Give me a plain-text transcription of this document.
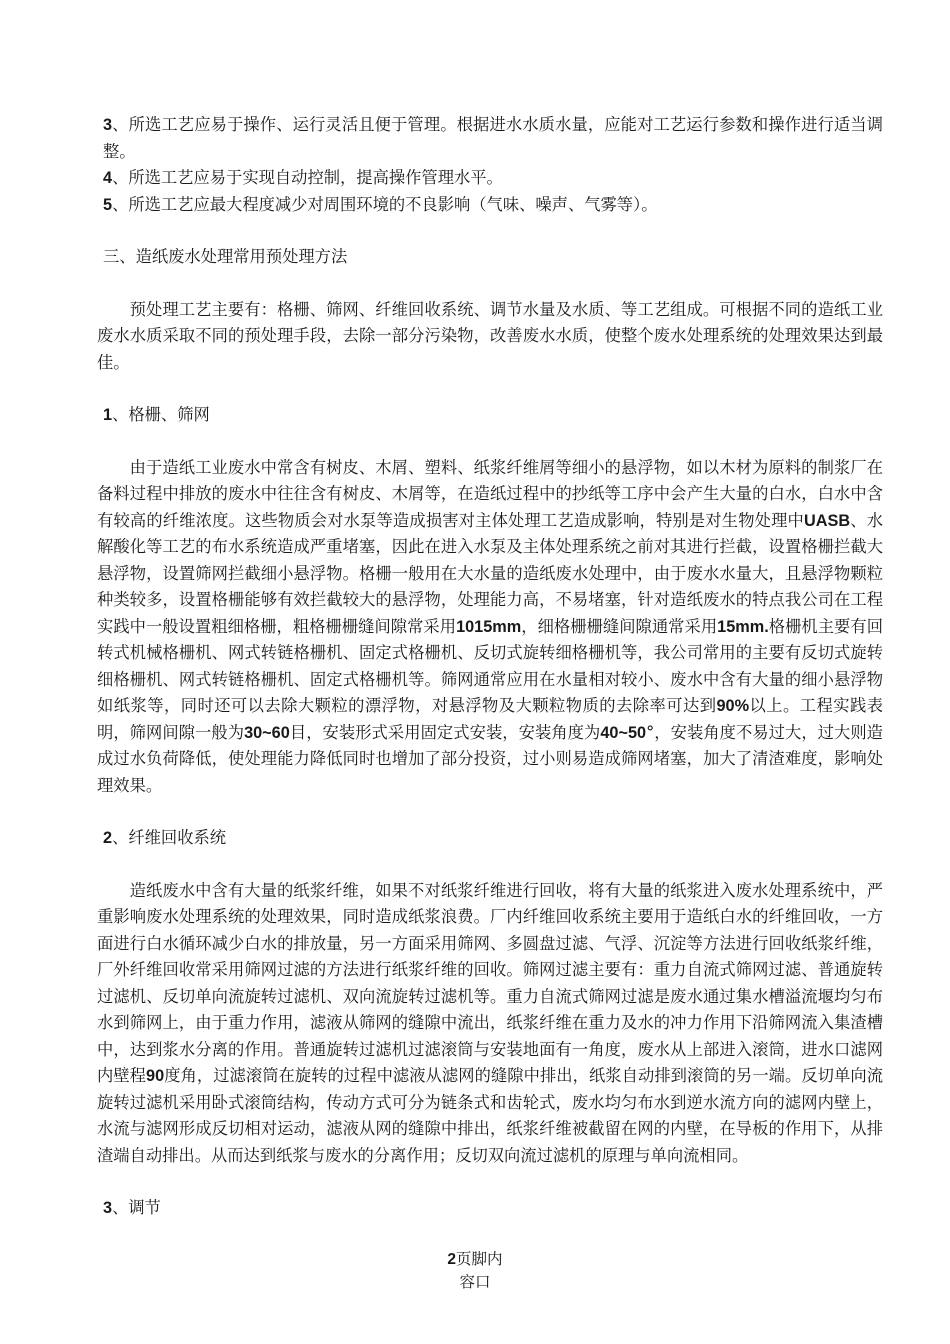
3、所选工艺应易于操作、运行灵活且便于管理。根据进水水质水量，应能对工艺运行参数和操作进行适当调整。

4、所选工艺应易于实现自动控制，提高操作管理水平。

5、所选工艺应最大程度减少对周围环境的不良影响（气味、噪声、气雾等）。

三、造纸废水处理常用预处理方法

预处理工艺主要有：格栅、筛网、纤维回收系统、调节水量及水质、等工艺组成。可根据不同的造纸工业废水水质采取不同的预处理手段，去除一部分污染物，改善废水水质，使整个废水处理系统的处理效果达到最佳。

1、格栅、筛网

由于造纸工业废水中常含有树皮、木屑、塑料、纸浆纤维屑等细小的悬浮物，如以木材为原料的制浆厂在备料过程中排放的废水中往往含有树皮、木屑等，在造纸过程中的抄纸等工序中会产生大量的白水，白水中含有较高的纤维浓度。这些物质会对水泵等造成损害对主体处理工艺造成影响，特别是对生物处理中UASB、水解酸化等工艺的布水系统造成严重堵塞，因此在进入水泵及主体处理系统之前对其进行拦截，设置格栅拦截大悬浮物，设置筛网拦截细小悬浮物。格栅一般用在大水量的造纸废水处理中，由于废水水量大，且悬浮物颗粒种类较多，设置格栅能够有效拦截较大的悬浮物，处理能力高，不易堵塞，针对造纸废水的特点我公司在工程实践中一般设置粗细格栅，粗格栅栅缝间隙常采用1015mm，细格栅栅缝间隙通常采用15mm.格栅机主要有回转式机械格栅机、网式转链格栅机、固定式格栅机、反切式旋转细格栅机等，我公司常用的主要有反切式旋转细格栅机、网式转链格栅机、固定式格栅机等。筛网通常应用在水量相对较小、废水中含有大量的细小悬浮物如纸浆等，同时还可以去除大颗粒的漂浮物，对悬浮物及大颗粒物质的去除率可达到90%以上。工程实践表明，筛网间隙一般为30~60目，安装形式采用固定式安装，安装角度为40~50°，安装角度不易过大，过大则造成过水负荷降低，使处理能力降低同时也增加了部分投资，过小则易造成筛网堵塞，加大了清渣难度，影响处理效果。

2、纤维回收系统

造纸废水中含有大量的纸浆纤维，如果不对纸浆纤维进行回收，将有大量的纸浆进入废水处理系统中，严重影响废水处理系统的处理效果，同时造成纸浆浪费。厂内纤维回收系统主要用于造纸白水的纤维回收，一方面进行白水循环减少白水的排放量，另一方面采用筛网、多圆盘过滤、气浮、沉淀等方法进行回收纸浆纤维，厂外纤维回收常采用筛网过滤的方法进行纸浆纤维的回收。筛网过滤主要有：重力自流式筛网过滤、普通旋转过滤机、反切单向流旋转过滤机、双向流旋转过滤机等。重力自流式筛网过滤是废水通过集水槽溢流堰均匀布水到筛网上，由于重力作用，滤液从筛网的缝隙中流出，纸浆纤维在重力及水的冲力作用下沿筛网流入集渣槽中，达到浆水分离的作用。普通旋转过滤机过滤滚筒与安装地面有一角度，废水从上部进入滚筒，进水口滤网内壁程90度角，过滤滚筒在旋转的过程中滤液从滤网的缝隙中排出，纸浆自动排到滚筒的另一端。反切单向流旋转过滤机采用卧式滚筒结构，传动方式可分为链条式和齿轮式，废水均匀布水到逆水流方向的滤网内壁上，水流与滤网形成反切相对运动，滤液从网的缝隙中排出，纸浆纤维被截留在网的内壁，在导板的作用下，从排渣端自动排出。从而达到纸浆与废水的分离作用；反切双向流过滤机的原理与单向流相同。

3、调节

2页脚内
容口
